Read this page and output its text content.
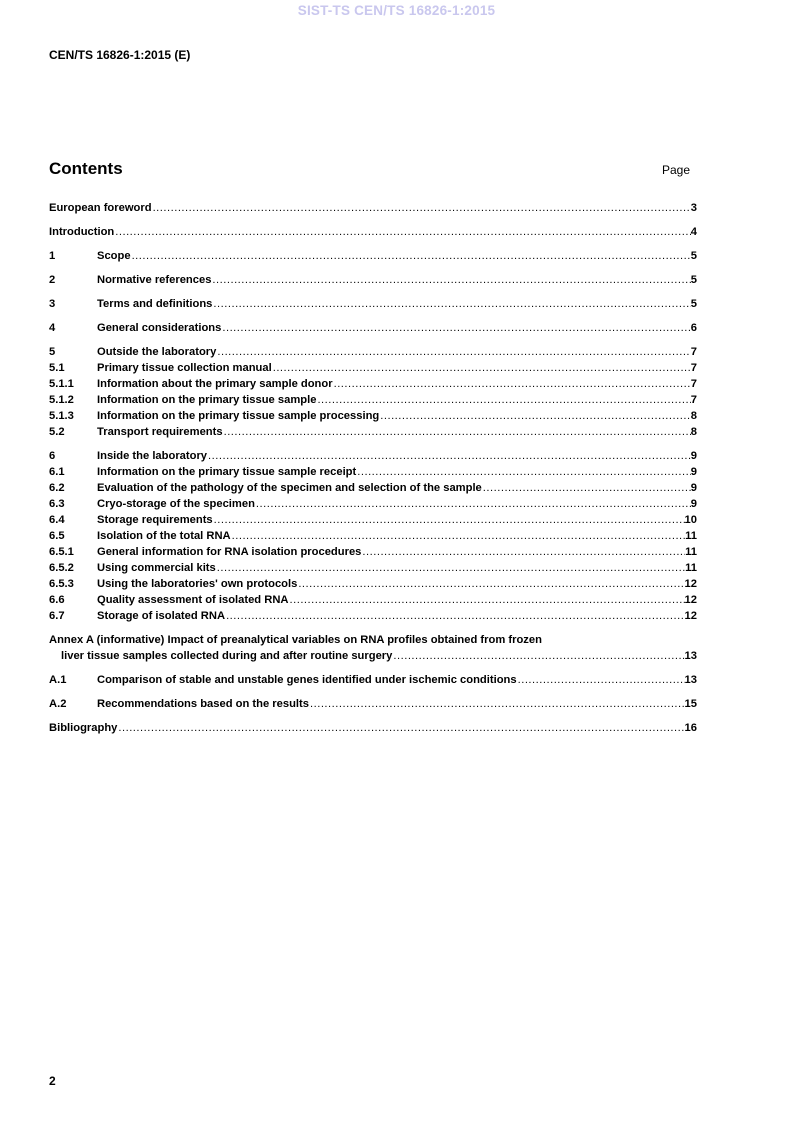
SIST-TS CEN/TS 16826-1:2015
CEN/TS 16826-1:2015 (E)
Contents	Page
European foreword .....	3
Introduction .....	4
1	Scope .....	5
2	Normative references .....	5
3	Terms and definitions .....	5
4	General considerations .....	6
5	Outside the laboratory .....	7
5.1	Primary tissue collection manual .....	7
5.1.1	Information about the primary sample donor .....	7
5.1.2	Information on the primary tissue sample .....	7
5.1.3	Information on the primary tissue sample processing .....	8
5.2	Transport requirements .....	8
6	Inside the laboratory .....	9
6.1	Information on the primary tissue sample receipt .....	9
6.2	Evaluation of the pathology of the specimen and selection of the sample .....	9
6.3	Cryo-storage of the specimen .....	9
6.4	Storage requirements .....	10
6.5	Isolation of the total RNA .....	11
6.5.1	General information for RNA isolation procedures .....	11
6.5.2	Using commercial kits .....	11
6.5.3	Using the laboratories' own protocols .....	12
6.6	Quality assessment of isolated RNA .....	12
6.7	Storage of isolated RNA .....	12
Annex A (informative) Impact of preanalytical variables on RNA profiles obtained from frozen
liver tissue samples collected during and after routine surgery .....	13
A.1	Comparison of stable and unstable genes identified under ischemic conditions .....	13
A.2	Recommendations based on the results .....	15
Bibliography .....	16
2
